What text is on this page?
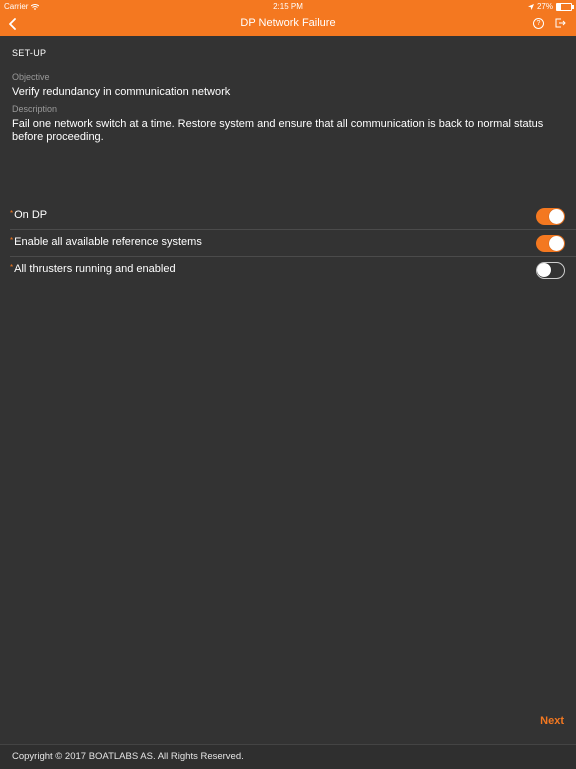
Carrier	2:15 PM	27%
DP Network Failure	?
SET-UP
Objective
Verify redundancy in communication network
Description
Fail one network switch at a time. Restore system and ensure that all communication is back to normal status before proceeding.
*On DP
*Enable all available reference systems
*All thrusters running and enabled
Next
Copyright © 2017 BOATLABS AS. All Rights Reserved.
